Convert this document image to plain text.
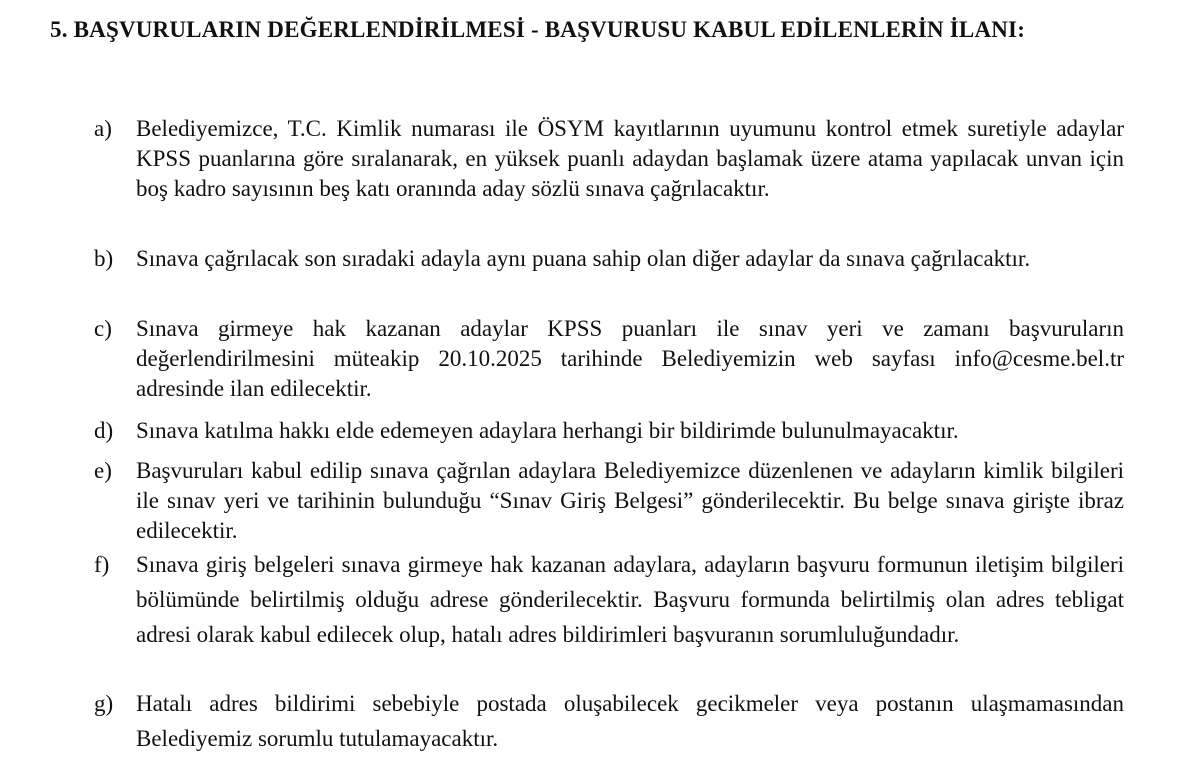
5. BAŞVURULARIN DEĞERLENDİRİLMESİ - BAŞVURUSU KABUL EDİLENLERİN İLANI:
a)	Belediyemizce, T.C. Kimlik numarası ile ÖSYM kayıtlarının uyumunu kontrol etmek suretiyle adaylar KPSS puanlarına göre sıralanarak, en yüksek puanlı adaydan başlamak üzere atama yapılacak unvan için boş kadro sayısının beş katı oranında aday sözlü sınava çağrılacaktır.
b) Sınava çağrılacak son sıradaki adayla aynı puana sahip olan diğer adaylar da sınava çağrılacaktır.
c)	Sınava girmeye hak kazanan adaylar KPSS puanları ile sınav yeri ve zamanı başvuruların değerlendirilmesini müteakip 20.10.2025 tarihinde Belediyemizin web sayfası info@cesme.bel.tr adresinde ilan edilecektir.
d) Sınava katılma hakkı elde edemeyen adaylara herhangi bir bildirimde bulunulmayacaktır.
e)	Başvuruları kabul edilip sınava çağrılan adaylara Belediyemizce düzenlenen ve adayların kimlik bilgileri ile sınav yeri ve tarihinin bulunduğu “Sınav Giriş Belgesi” gönderilecektir. Bu belge sınava girişte ibraz edilecektir.
f)	Sınava giriş belgeleri sınava girmeye hak kazanan adaylara, adayların başvuru formunun iletişim bilgileri bölümünde belirtilmiş olduğu adrese gönderilecektir. Başvuru formunda belirtilmiş olan adres tebligat adresi olarak kabul edilecek olup, hatalı adres bildirimleri başvuranın sorumluluğundadır.
g) Hatalı adres bildirimi sebebiyle postada oluşabilecek gecikmeler veya postanın ulaşmamasından Belediyemiz sorumlu tutulamayacaktır.
